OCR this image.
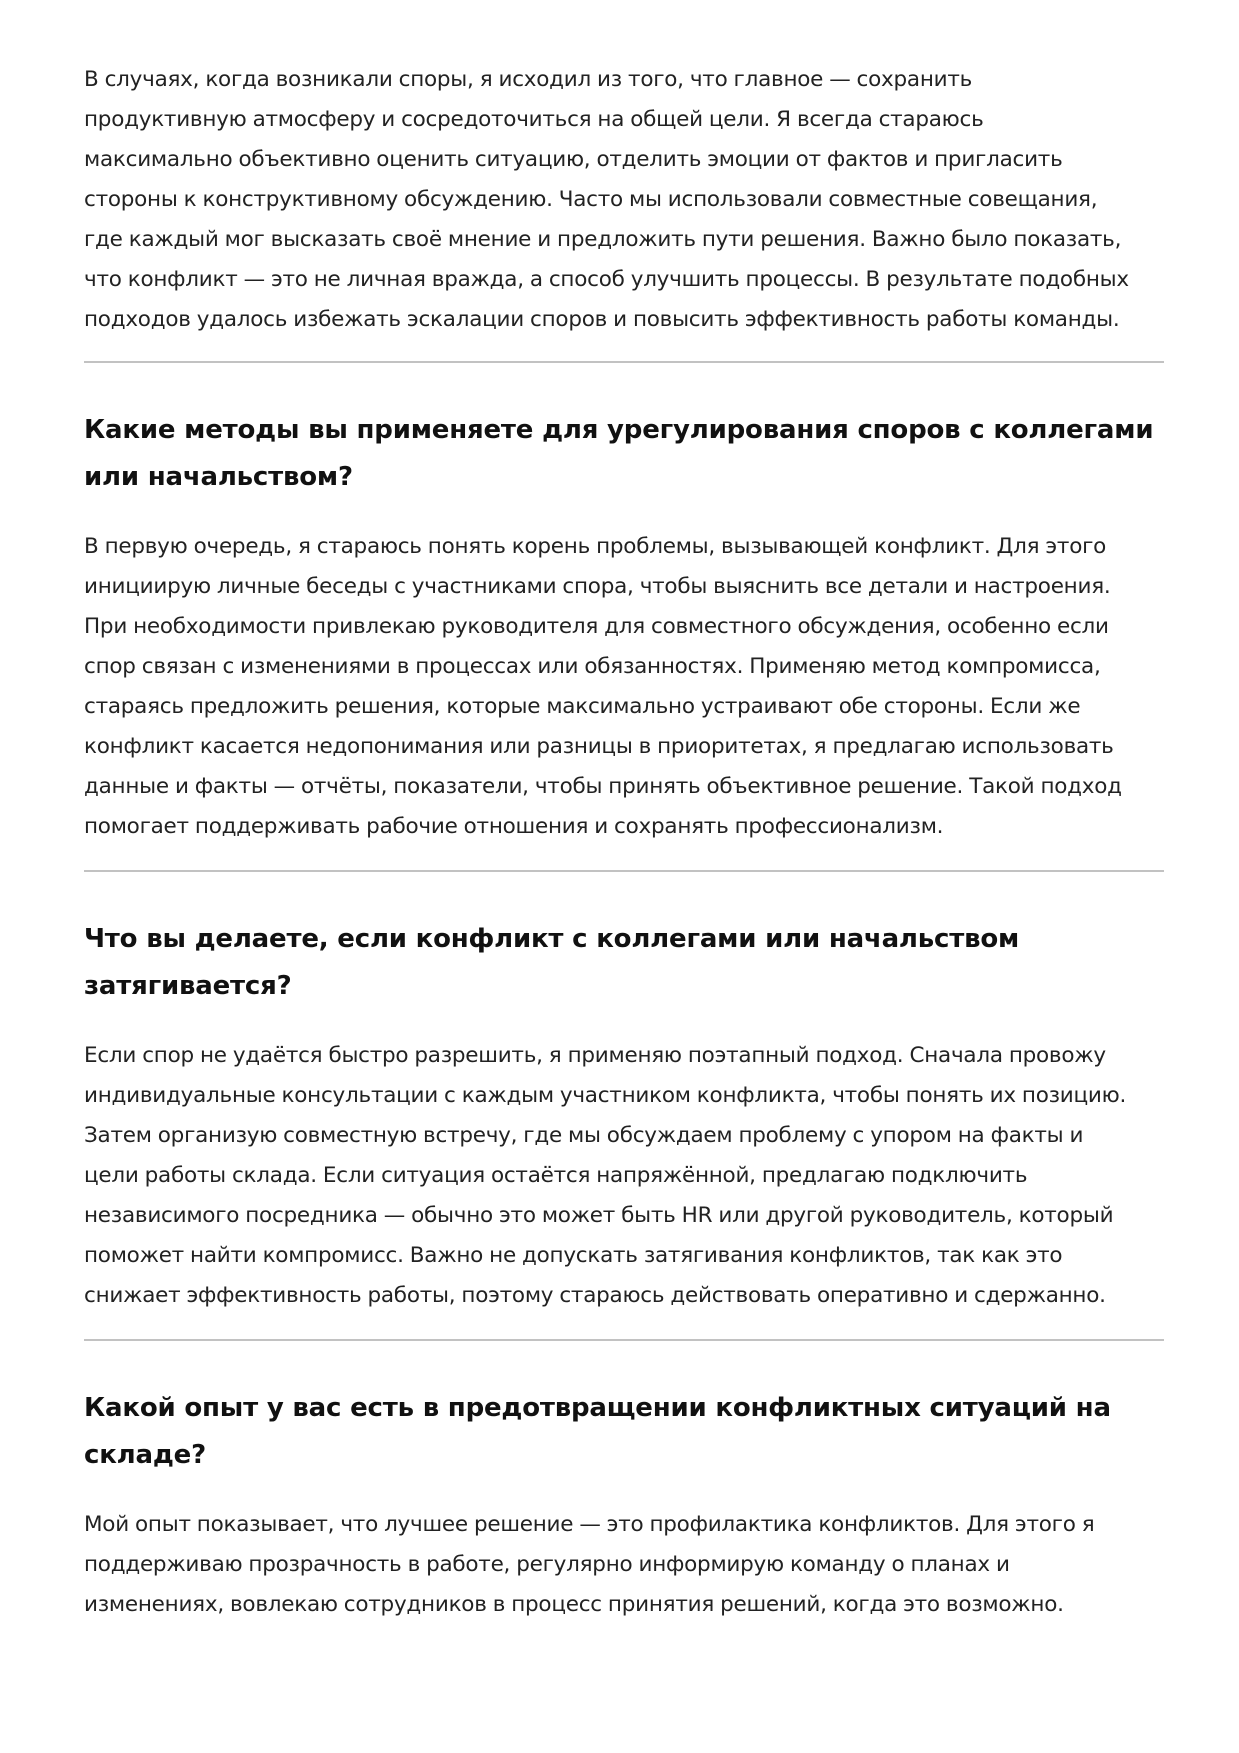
В случаях, когда возникали споры, я исходил из того, что главное — сохранить
продуктивную атмосферу и сосредоточиться на общей цели. Я всегда стараюсь
максимально объективно оценить ситуацию, отделить эмоции от фактов и пригласить
стороны к конструктивному обсуждению. Часто мы использовали совместные совещания,
где каждый мог высказать своё мнение и предложить пути решения. Важно было показать,
что конфликт — это не личная вражда, а способ улучшить процессы. В результате подобных
подходов удалось избежать эскалации споров и повысить эффективность работы команды.

Какие методы вы применяете для урегулирования споров с коллегами
или начальством?

В первую очередь, я стараюсь понять корень проблемы, вызывающей конфликт. Для этого
инициирую личные беседы с участниками спора, чтобы выяснить все детали и настроения.
При необходимости привлекаю руководителя для совместного обсуждения, особенно если
спор связан с изменениями в процессах или обязанностях. Применяю метод компромисса,
стараясь предложить решения, которые максимально устраивают обе стороны. Если же
конфликт касается недопонимания или разницы в приоритетах, я предлагаю использовать
данные и факты — отчёты, показатели, чтобы принять объективное решение. Такой подход
помогает поддерживать рабочие отношения и сохранять профессионализм.

Что вы делаете, если конфликт с коллегами или начальством
затягивается?

Если спор не удаётся быстро разрешить, я применяю поэтапный подход. Сначала провожу
индивидуальные консультации с каждым участником конфликта, чтобы понять их позицию.
Затем организую совместную встречу, где мы обсуждаем проблему с упором на факты и
цели работы склада. Если ситуация остаётся напряжённой, предлагаю подключить
независимого посредника — обычно это может быть HR или другой руководитель, который
поможет найти компромисс. Важно не допускать затягивания конфликтов, так как это
снижает эффективность работы, поэтому стараюсь действовать оперативно и сдержанно.

Какой опыт у вас есть в предотвращении конфликтных ситуаций на
складе?

Мой опыт показывает, что лучшее решение — это профилактика конфликтов. Для этого я
поддерживаю прозрачность в работе, регулярно информирую команду о планах и
изменениях, вовлекаю сотрудников в процесс принятия решений, когда это возможно.
